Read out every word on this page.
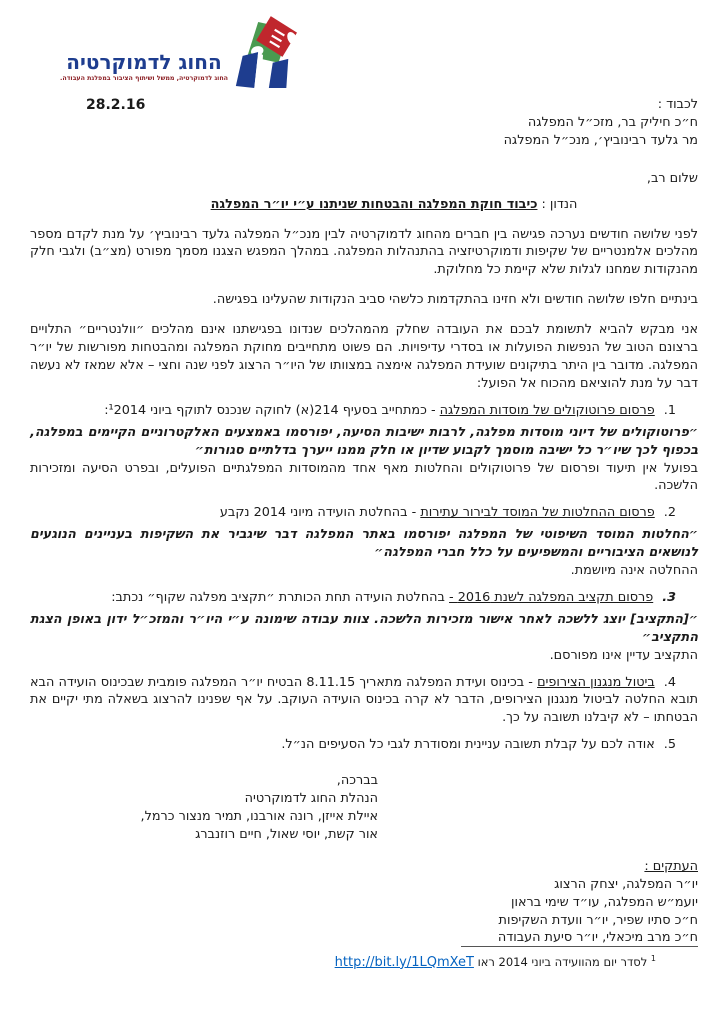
החוג לדמוקרטיה
החוג לדמוקרטיה, ממשל ושיתוף הציבור במפלגת העבודה.
לכבוד :
ח״כ חיליק בר, מזכ״ל המפלגה
מר גלעד רבינוביץ׳, מנכ״ל המפלגה
28.2.16
שלום רב,
הנדון : כיבוד חוקת המפלגה והבטחות שניתנו ע״י יו״ר המפלגה

לפני שלושה חודשים נערכה פגישה בין חברים מהחוג לדמוקרטיה לבין מנכ״ל המפלגה גלעד רבינוביץ׳ על מנת לקדם מספר מהלכים אלמנטריים של שקיפות ודמוקרטיזציה בהתנהלות המפלגה. במהלך המפגש הצגנו מסמך מפורט (מצ״ב) ולגבי חלק מהנקודות שמחנו לגלות שלא קיימת כל מחלוקת.

בינתיים חלפו שלושה חודשים ולא חזינו בהתקדמות כלשהי סביב הנקודות שהעלינו בפגישה.

אני מבקש להביא לתשומת לבכם את העובדה שחלק מהמהלכים שנדונו בפגישתנו אינם מהלכים ״וולנטריים״ התלויים ברצונם הטוב של הנפשות הפועלות או בסדרי עדיפויות. הם פשוט מתחייבים מחוקת המפלגה ומהבטחות מפורשות של יו״ר המפלגה. מדובר בין היתר בתיקונים שועידת המפלגה אימצה במצוותו של היו״ר הרצוג לפני שנה וחצי – אלא שמאז לא נעשה דבר על מנת להוציאם מהכוח אל הפועל:

1.פרסום פרוטוקולים של מוסדות המפלגה - כמתחייב בסעיף 214(א) לחוקה שנכנס לתוקף ביוני ¹2014:

״פרוטוקולים של דיוני מוסדות מפלגה, לרבות ישיבות הסיעה, יפורסמו באמצעים האלקטרוניים הקיימים במפלגה, בכפוף לכך שיו״ר כל ישיבה מוסמך לקבוע שדיון או חלק ממנו ייערך בדלתיים סגורות״

בפועל אין תיעוד ופרסום של פרוטוקולים והחלטות מאף אחד מהמוסדות המפלגתיים הפועלים, ובפרט הסיעה ומזכירות הלשכה.

2.פרסום ההחלטות של המוסד לבירור עתירות - בהחלטת הועידה מיוני 2014 נקבע

״החלטות המוסד השיפוטי של המפלגה יפורסמו באתר המפלגה דבר שיגביר את השקיפות בעניינים הנוגעים לנושאים הציבוריים והמשפיעים על כלל חברי המפלגה״

ההחלטה אינה מיושמת.

3.פרסום תקציב המפלגה לשנת 2016 - בהחלטת הועידה תחת הכותרת ״תקציב מפלגה שקוף״ נכתב:

״[התקציב] יוצג ללשכה לאחר אישור מזכירות הלשכה. צוות עבודה שימונה ע״י היו״ר והמזכ״ל ידון באופן הצגת התקציב״

התקציב עדיין אינו מפורסם.

4.ביטול מנגנון הצירופים - בכינוס ועידת המפלגה מתאריך 8.11.15 הבטיח יו״ר המפלגה פומבית שבכינוס הועידה הבא תובא החלטה לביטול מנגנון הצירופים, הדבר לא קרה בכינוס הועידה העוקב. על אף שפנינו להרצוג בשאלה מתי יקיים את הבטחתו – לא קיבלנו תשובה על כך.

5.אודה לכם על קבלת תשובה עניינית ומסודרת לגבי כל הסעיפים הנ״ל.

בברכה,
הנהלת החוג לדמוקרטיה
איילת אייזן, רונה אורבנו, תמיר מנצור כרמל,
אור קשת, יוסי שאול, חיים רוזנברג
העתקים :
יו״ר המפלגה, יצחק הרצוג
יועמ״ש המפלגה, עו״ד שימי בראון
ח״כ סתיו שפיר, יו״ר וועדת השקיפות
ח״כ מרב מיכאלי, יו״ר סיעת העבודה
$^1$ לסדר יום מהוועידה ביוני 2014 ראו http://bit.ly/1LQmXeT
